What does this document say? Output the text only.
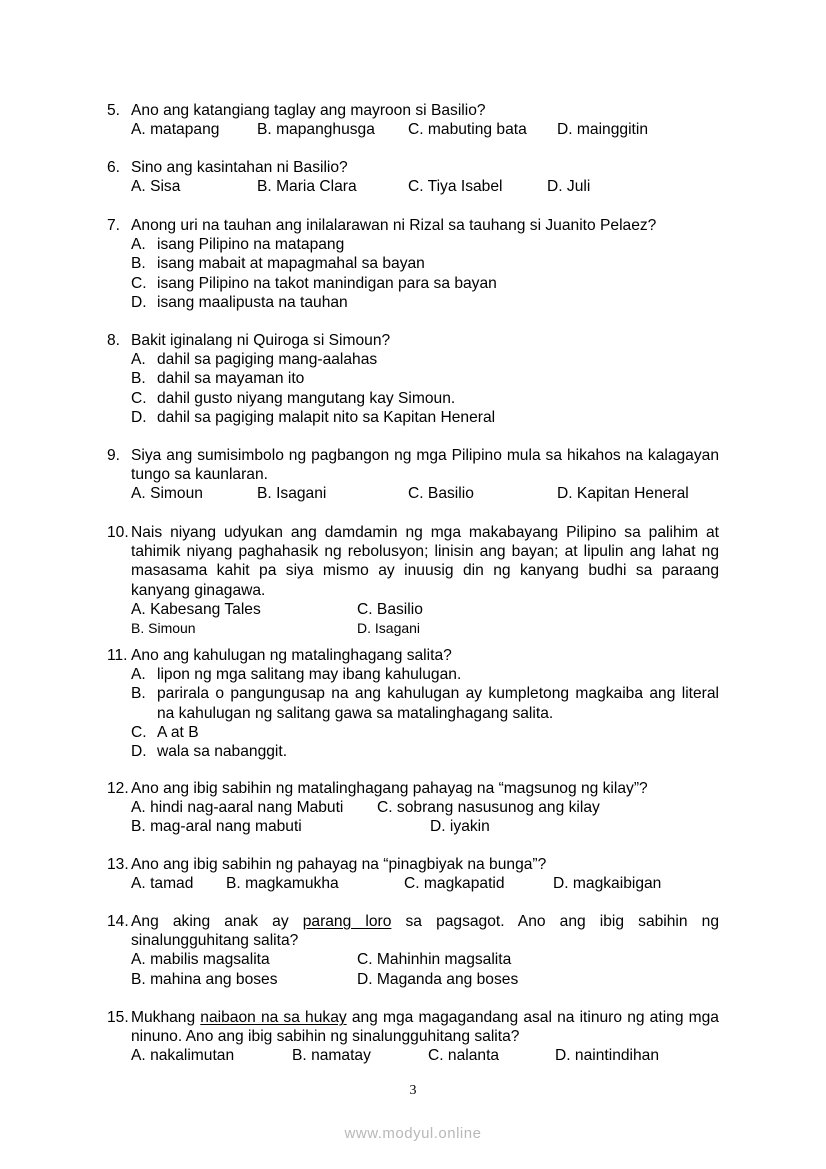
5. Ano ang katangiang taglay ang mayroon si Basilio?
A. matapang B. mapanghusga C. mabuting bata D. mainggitin
6. Sino ang kasintahan ni Basilio?
A. Sisa	B. Maria Clara	C. Tiya Isabel	D. Juli
7. Anong uri na tauhan ang inilalarawan ni Rizal sa tauhang si Juanito Pelaez?
A. isang Pilipino na matapang
B. isang mabait at mapagmahal sa bayan
C. isang Pilipino na takot manindigan para sa bayan
D. isang maalipusta na tauhan
8. Bakit iginalang ni Quiroga si Simoun?
A. dahil sa pagiging mang-aalahas
B. dahil sa mayaman ito
C. dahil gusto niyang mangutang kay Simoun.
D. dahil sa pagiging malapit nito sa Kapitan Heneral
9. Siya ang sumisimbolo ng pagbangon ng mga Pilipino mula sa hikahos na kalagayan tungo sa kaunlaran.
A. Simoun	B. Isagani	C. Basilio	D. Kapitan Heneral
10. Nais niyang udyukan ang damdamin ng mga makabayang Pilipino sa palihim at tahimik niyang paghahasik ng rebolusyon; linisin ang bayan; at lipulin ang lahat ng masasama kahit pa siya mismo ay inuusig din ng kanyang budhi sa paraang kanyang ginagawa.
A. Kabesang Tales	C. Basilio
B. Simoun	D. Isagani
11. Ano ang kahulugan ng matalinghagang salita?
A. lipon ng mga salitang may ibang kahulugan.
B. parirala o pangungusap na ang kahulugan ay kumpletong magkaiba ang literal na kahulugan ng salitang gawa sa matalinghagang salita.
C. A at B
D. wala sa nabanggit.
12. Ano ang ibig sabihin ng matalinghagang pahayag na “magsunog ng kilay”?
A. hindi nag-aaral nang Mabuti C. sobrang nasusunog ang kilay
B. mag-aral nang mabuti	D. iyakin
13. Ano ang ibig sabihin ng pahayag na “pinagbiyak na bunga”?
A. tamad B. magkamukha	C. magkapatid	D. magkaibigan
14. Ang aking anak ay parang loro sa pagsagot. Ano ang ibig sabihin ng sinalungguhitang salita?
A. mabilis magsalita	C. Mahinhin magsalita
B. mahina ang boses	D. Maganda ang boses
15. Mukhang naibaon na sa hukay ang mga magagandang asal na itinuro ng ating mga ninuno. Ano ang ibig sabihin ng sinalungguhitang salita?
A. nakalimutan	B. namatay	C. nalanta	D. naintindihan
3
www.modyul.online
